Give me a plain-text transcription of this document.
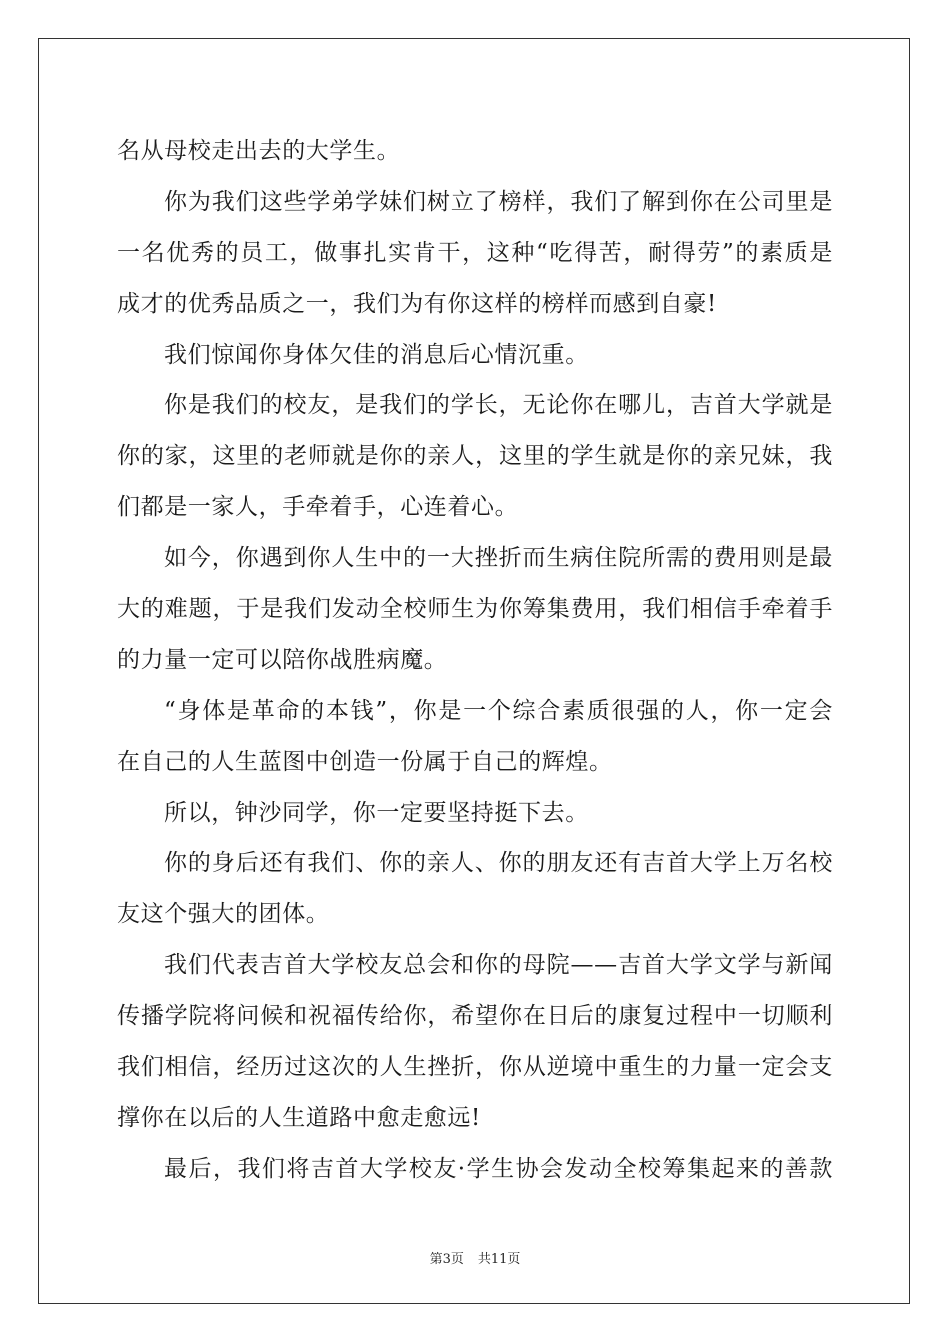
名从母校走出去的大学生。
你为我们这些学弟学妹们树立了榜样，我们了解到你在公司里是
一名优秀的员工，做事扎实肯干，这种“吃得苦，耐得劳”的素质是
成才的优秀品质之一，我们为有你这样的榜样而感到自豪!
我们惊闻你身体欠佳的消息后心情沉重。
你是我们的校友，是我们的学长，无论你在哪儿，吉首大学就是
你的家，这里的老师就是你的亲人，这里的学生就是你的亲兄妹，我
们都是一家人，手牵着手，心连着心。
如今，你遇到你人生中的一大挫折而生病住院所需的费用则是最
大的难题，于是我们发动全校师生为你筹集费用，我们相信手牵着手
的力量一定可以陪你战胜病魔。
“身体是革命的本钱”，你是一个综合素质很强的人，你一定会
在自己的人生蓝图中创造一份属于自己的辉煌。
所以，钟沙同学，你一定要坚持挺下去。
你的身后还有我们、你的亲人、你的朋友还有吉首大学上万名校
友这个强大的团体。
我们代表吉首大学校友总会和你的母院——吉首大学文学与新闻
传播学院将问候和祝福传给你，希望你在日后的康复过程中一切顺利
我们相信，经历过这次的人生挫折，你从逆境中重生的力量一定会支
撑你在以后的人生道路中愈走愈远!
最后，我们将吉首大学校友·学生协会发动全校筹集起来的善款
第3页 共11页
